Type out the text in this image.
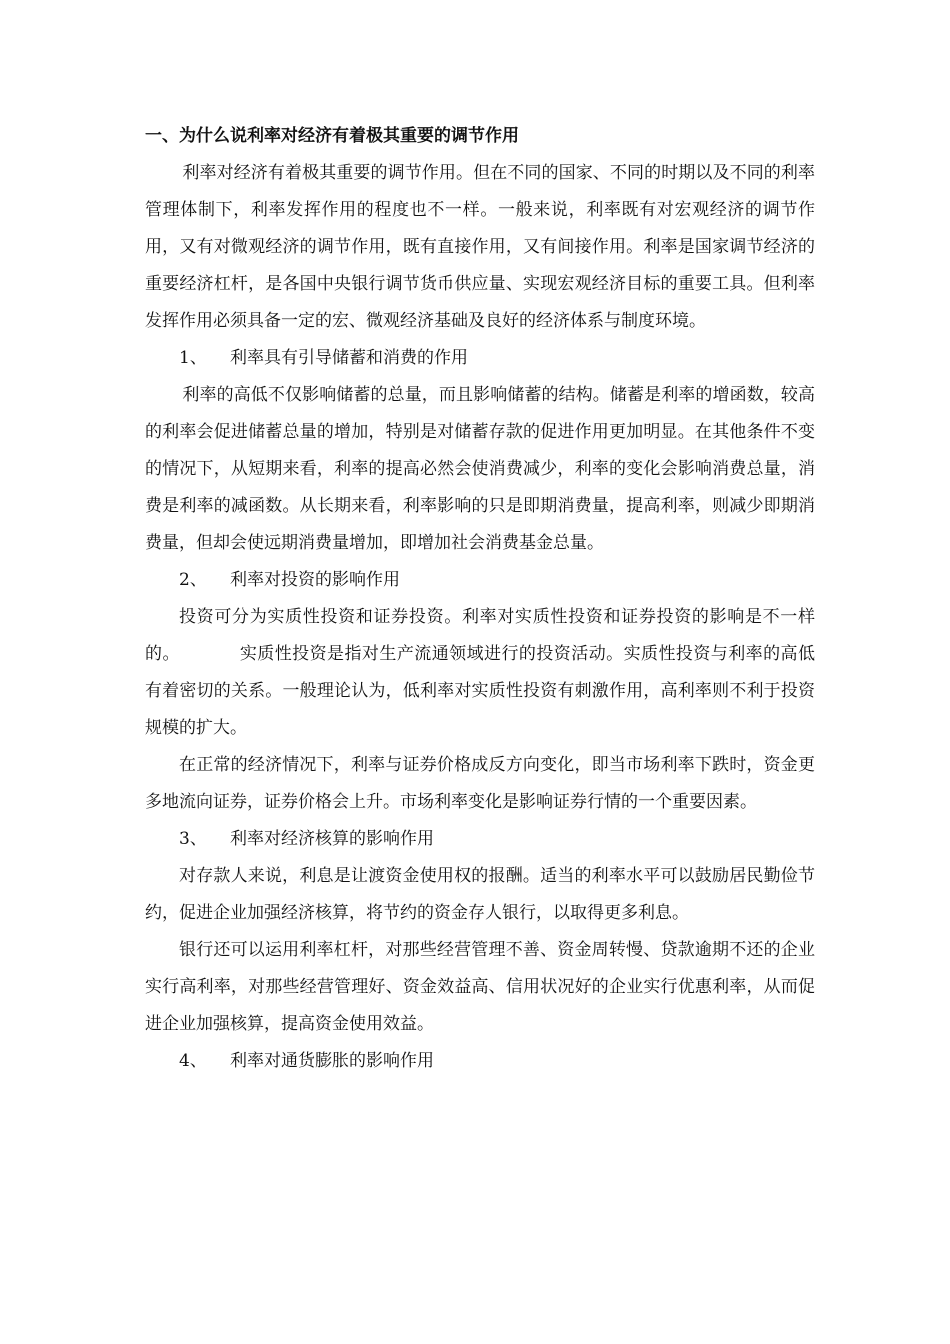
一、为什么说利率对经济有着极其重要的调节作用

利率对经济有着极其重要的调节作用。但在不同的国家、不同的时期以及不同的利率管理体制下，利率发挥作用的程度也不一样。一般来说，利率既有对宏观经济的调节作用，又有对微观经济的调节作用，既有直接作用，又有间接作用。利率是国家调节经济的重要经济杠杆，是各国中央银行调节货币供应量、实现宏观经济目标的重要工具。但利率发挥作用必须具备一定的宏、微观经济基础及良好的经济体系与制度环境。

1、 利率具有引导储蓄和消费的作用

利率的高低不仅影响储蓄的总量，而且影响储蓄的结构。储蓄是利率的增函数，较高的利率会促进储蓄总量的增加，特别是对储蓄存款的促进作用更加明显。在其他条件不变的情况下，从短期来看，利率的提高必然会使消费减少，利率的变化会影响消费总量，消费是利率的减函数。从长期来看，利率影响的只是即期消费量，提高利率，则减少即期消费量，但却会使远期消费量增加，即增加社会消费基金总量。

2、 利率对投资的影响作用

投资可分为实质性投资和证券投资。利率对实质性投资和证券投资的影响是不一样的。	实质性投资是指对生产流通领域进行的投资活动。实质性投资与利率的高低有着密切的关系。一般理论认为，低利率对实质性投资有刺激作用，高利率则不利于投资规模的扩大。

在正常的经济情况下，利率与证券价格成反方向变化，即当市场利率下跌时，资金更多地流向证券，证券价格会上升。市场利率变化是影响证券行情的一个重要因素。

3、 利率对经济核算的影响作用

对存款人来说，利息是让渡资金使用权的报酬。适当的利率水平可以鼓励居民勤俭节约，促进企业加强经济核算，将节约的资金存人银行，以取得更多利息。

银行还可以运用利率杠杆，对那些经营管理不善、资金周转慢、贷款逾期不还的企业实行高利率，对那些经营管理好、资金效益高、信用状况好的企业实行优惠利率，从而促进企业加强核算，提高资金使用效益。

4、 利率对通货膨胀的影响作用
